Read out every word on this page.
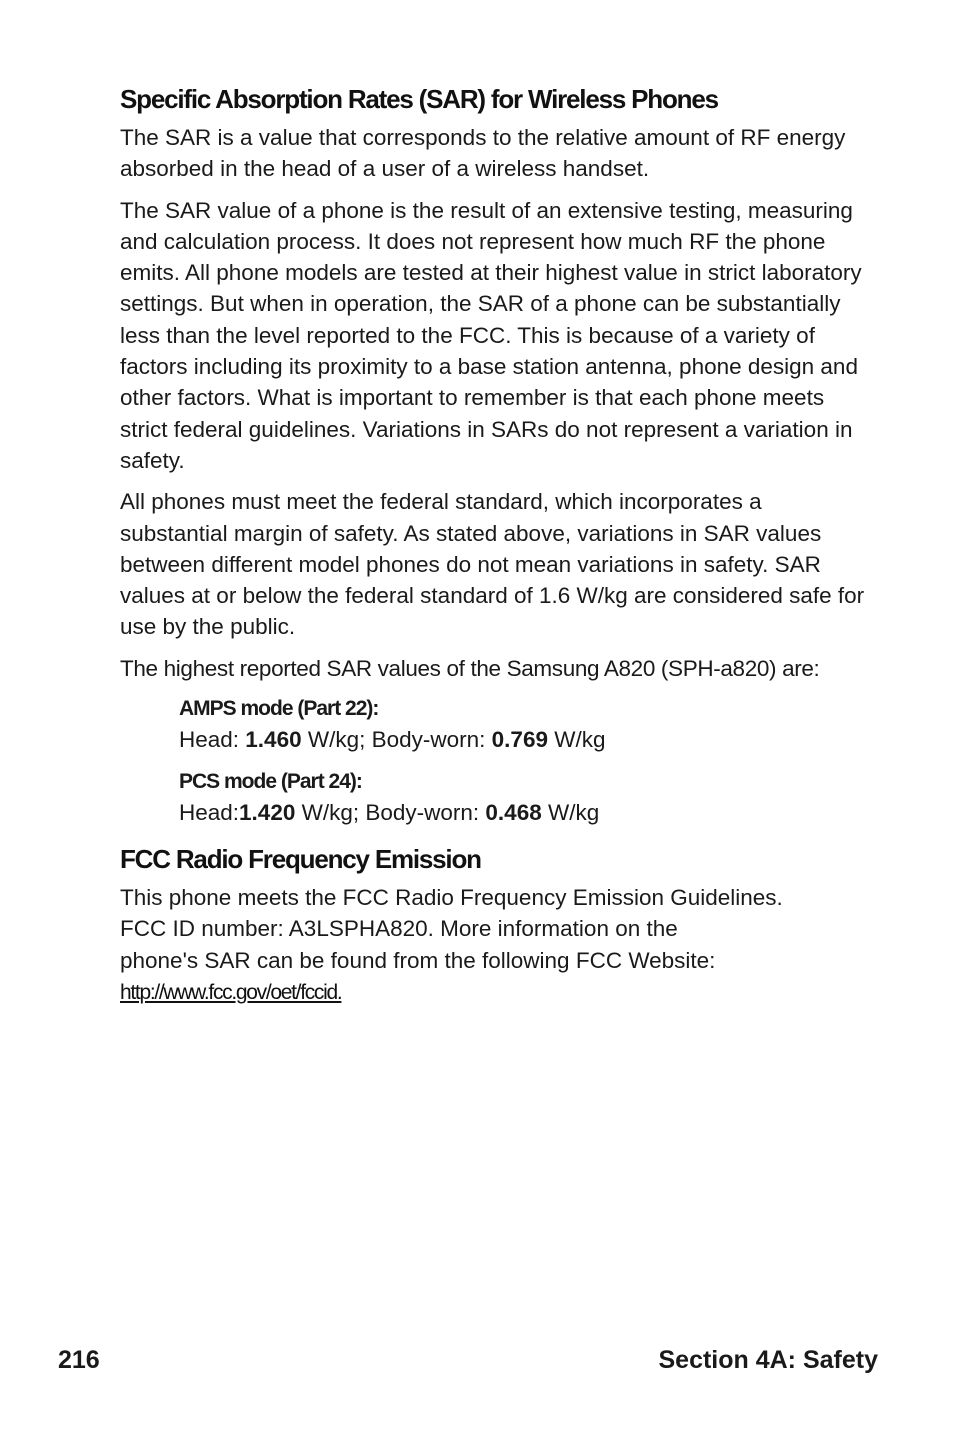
Specific Absorption Rates (SAR) for Wireless Phones

The SAR is a value that corresponds to the relative amount of RF energy absorbed in the head of a user of a wireless handset.

The SAR value of a phone is the result of an extensive testing, measuring and calculation process. It does not represent how much RF the phone emits. All phone models are tested at their highest value in strict laboratory settings. But when in operation, the SAR of a phone can be substantially less than the level reported to the FCC. This is because of a variety of factors including its proximity to a base station antenna, phone design and other factors. What is important to remember is that each phone meets strict federal guidelines. Variations in SARs do not represent a variation in safety.

All phones must meet the federal standard, which incorporates a substantial margin of safety. As stated above, variations in SAR values between different model phones do not mean variations in safety. SAR values at or below the federal standard of 1.6 W/kg are considered safe for use by the public.

The highest reported SAR values of the Samsung A820 (SPH-a820) are:

AMPS mode (Part 22):
Head: 1.460 W/kg; Body-worn: 0.769 W/kg
PCS mode (Part 24):
Head:1.420 W/kg; Body-worn: 0.468 W/kg
FCC Radio Frequency Emission

This phone meets the FCC Radio Frequency Emission Guidelines.
FCC ID number: A3LSPHA820. More information on the
phone's SAR can be found from the following FCC Website:
http://www.fcc.gov/oet/fccid.

216	Section 4A: Safety
